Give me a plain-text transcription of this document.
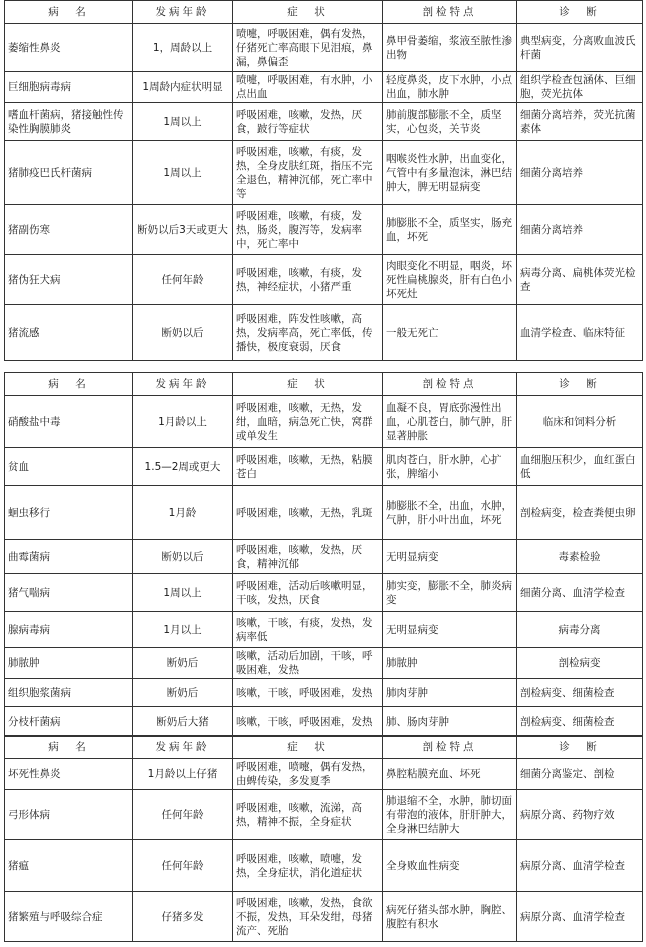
病　名	发病年龄	症　状	剖检特点	诊　断
萎缩性鼻炎	1，周龄以上	喷嚏，呼吸困难，偶有发热，仔猪死亡率高眼下见泪痕，鼻漏，鼻偏歪	鼻甲骨萎缩，浆液至脓性渗出物	典型病变，分离败血波氏杆菌
巨细胞病毒病	1周龄内症状明显	喷嚏，呼吸困难，有水肿，小点出血	轻度鼻炎，皮下水肿，小点出血，肺水肿	组织学检查包涵体、巨细胞，荧光抗体
嗜血杆菌病，猪接触性传染性胸膜肺炎	1周以上	呼吸困难，咳嗽，发热，厌食，跛行等症状	肺前腹部膨胀不全，质坚实，心包炎，关节炎	细菌分离培养，荧光抗菌素体
猪肺疫巴氏杆菌病	1周以上	呼吸困难，咳嗽，有痰，发热，全身皮肤红斑，指压不完全退色，精神沉郁，死亡率中等	咽喉炎性水肿，出血变化，气管中有多量泡沫，淋巴结肿大，脾无明显病变	细菌分离培养
猪副伤寒	断奶以后3天或更大	呼吸困难，咳嗽，有痰，发热，肠炎，腹泻等，发病率中，死亡率中	肺膨胀不全，质坚实，肠充血，坏死	细菌分离培养
猪伪狂犬病	任何年龄	呼吸困难，咳嗽，有痰，发热，神经症状，小猪严重	肉眼变化不明显，咽炎，坏死性扁桃腺炎，肝有白色小坏死灶	病毒分离、扁桃体荧光检查
猪流感	断奶以后	呼吸困难，阵发性咳嗽，高热，发病率高，死亡率低，传播快，极度衰弱，厌食	一般无死亡	血清学检查、临床特征
病　名	发病年龄	症　状	剖检特点	诊　断
硝酸盐中毒	1月龄以上	呼吸困难，咳嗽，无热，发绀，血暗，病急死亡快，窝群或单发生	血凝不良，胃底弥漫性出血，心肌苍白，肺气肿，肝显著肿胀	临床和饲料分析
贫血	1.5—2周或更大	呼吸困难，咳嗽，无热，粘膜苍白	肌肉苍白，肝水肿，心扩张，脾缩小	血细胞压积少，血红蛋白低
蛔虫移行	1月龄	呼吸困难，咳嗽，无热，乳斑	肺膨胀不全，出血，水肿，气肿，肝小叶出血，坏死	剖检病变，检查粪便虫卵
曲霉菌病	断奶以后	呼吸困难，咳嗽，发热，厌食，精神沉郁	无明显病变	毒素检验
猪气喘病	1周以上	呼吸困难，活动后咳嗽明显，干咳，发热，厌食	肺实变，膨胀不全，肺炎病变	细菌分离、血清学检查
腺病毒病	1月以上	咳嗽，干咳，有痰，发热，发病率低	无明显病变	病毒分离
肺脓肿	断奶后	咳嗽，活动后加剧，干咳，呼吸困难，发热	肺脓肿	剖检病变
组织胞浆菌病	断奶后	咳嗽，干咳，呼吸困难，发热	肺肉芽肿	剖检病变、细菌检查
分枝杆菌病	断奶后大猪	咳嗽，干咳，呼吸困难，发热	肺、肠肉芽肿	剖检病变、细菌检查
病　名	发病年龄	症　状	剖检特点	诊　断
坏死性鼻炎	1月龄以上仔猪	呼吸困难，喷嚏，偶有发热，由蜱传染，多发夏季	鼻腔粘膜充血、坏死	细菌分离鉴定、剖检
弓形体病	任何年龄	呼吸困难，咳嗽，流涕，高热，精神不振，全身症状	肺退缩不全，水肿，肺切面有带泡的液体，肝肝肿大，全身淋巴结肿大	病原分离、药物疗效
猪瘟	任何年龄	呼吸困难，咳嗽，喷嚏，发热，全身症状，消化道症状	全身败血性病变	病原分离、血清学检查
猪繁殖与呼吸综合症	仔猪多发	呼吸困难，咳嗽，发热，食欲不振，发热，耳朵发绀，母猪流产、死胎	病死仔猪头部水肿，胸腔、腹腔有积水	病原分离、血清学检查
